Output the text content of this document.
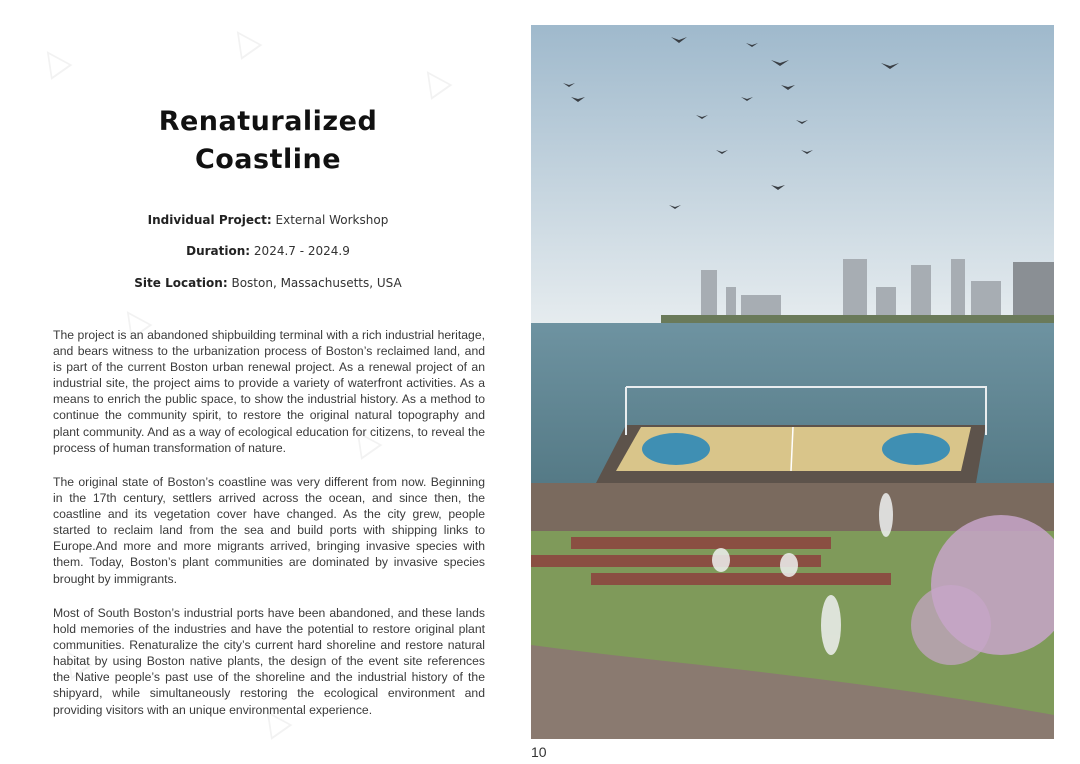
△	△
△
△
△
△
△
Renaturalized
Coastline
Individual Project: External Workshop
Duration: 2024.7 - 2024.9
Site Location: Boston, Massachusetts, USA

The project is an abandoned shipbuilding terminal with a rich industrial heritage, and bears witness to the urbanization process of Boston’s reclaimed land, and is part of the current Boston urban renewal project. As a renewal project of an industrial site, the project aims to provide a variety of waterfront activities. As a means to enrich the public space, to show the industrial history. As a method to continue the community spirit, to restore the original natural topography and plant community. And as a way of ecological education for citizens, to reveal the process of human transformation of nature.

The original state of Boston’s coastline was very different from now. Beginning in the 17th century, settlers arrived across the ocean, and since then, the coastline and its vegetation cover have changed. As the city grew, people started to reclaim land from the sea and build ports with shipping links to Europe.And more and more migrants arrived, bringing invasive species with them. Today, Boston’s plant communities are dominated by invasive species brought by immigrants.

Most of South Boston’s industrial ports have been abandoned, and these lands hold memories of the industries and have the potential to restore original plant communities. Renaturalize the city’s current hard shoreline and restore natural habitat by using Boston native plants, the design of the event site references the Native people’s past use of the shoreline and the industrial history of the shipyard, while simultaneously restoring the ecological environment and providing visitors with an unique environmental experience.

10
